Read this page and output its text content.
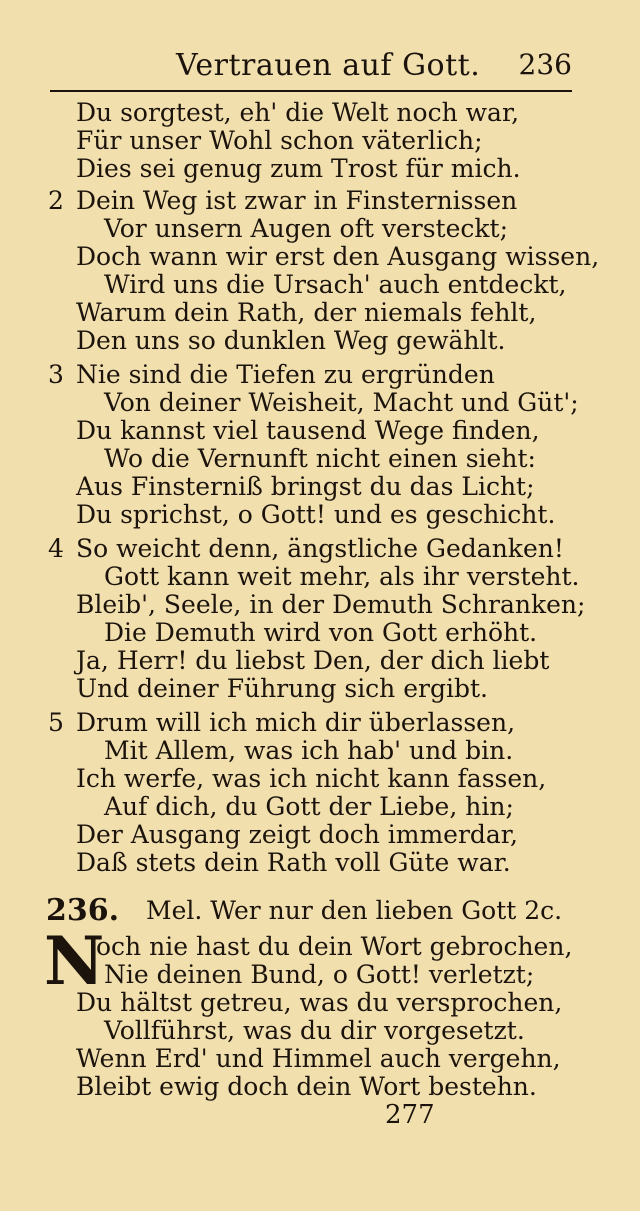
Vertrauen auf Gott. 236
Du sorgtest, eh' die Welt noch war,
Für unser Wohl schon väterlich;
Dies sei genug zum Trost für mich.
2 Dein Weg ist zwar in Finsternissen
Vor unsern Augen oft versteckt;
Doch wann wir erst den Ausgang wissen,
Wird uns die Ursach' auch entdeckt,
Warum dein Rath, der niemals fehlt,
Den uns so dunklen Weg gewählt.
3 Nie sind die Tiefen zu ergründen
Von deiner Weisheit, Macht und Güt';
Du kannst viel tausend Wege finden,
Wo die Vernunft nicht einen sieht:
Aus Finsterniß bringst du das Licht;
Du sprichst, o Gott! und es geschicht.
4 So weicht denn, ängstliche Gedanken!
Gott kann weit mehr, als ihr versteht.
Bleib', Seele, in der Demuth Schranken;
Die Demuth wird von Gott erhöht.
Ja, Herr! du liebst Den, der dich liebt
Und deiner Führung sich ergibt.
5 Drum will ich mich dir überlassen,
Mit Allem, was ich hab' und bin.
Ich werfe, was ich nicht kann fassen,
Auf dich, du Gott der Liebe, hin;
Der Ausgang zeigt doch immerdar,
Daß stets dein Rath voll Güte war.
236. Mel. Wer nur den lieben Gott 2c.
N
och nie hast du dein Wort gebrochen,
Nie deinen Bund, o Gott! verletzt;
Du hältst getreu, was du versprochen,
Vollführst, was du dir vorgesetzt.
Wenn Erd' und Himmel auch vergehn,
Bleibt ewig doch dein Wort bestehn.
277
